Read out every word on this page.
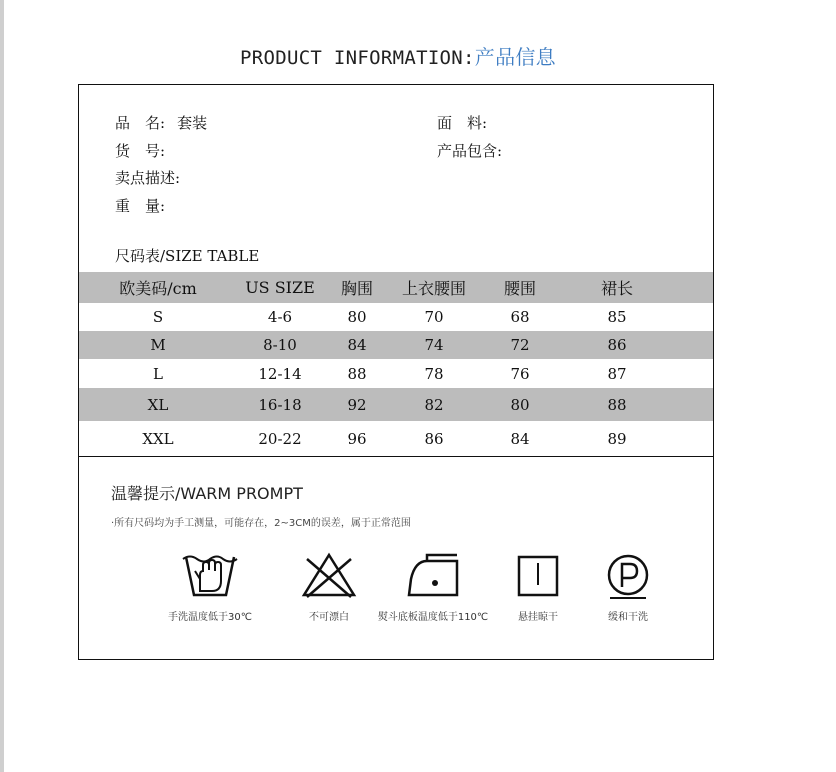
PRODUCT INFORMATION:产品信息
品　名: 套装	面　料:
货　号:	产品包含:
卖点描述:
重　量:
尺码表/SIZE TABLE
欧美码/cm	US SIZE	胸围	上衣腰围	腰围	裙长	
S	4-6	80	70	68	85	
M	8-10	84	74	72	86	
L	12-14	88	78	76	87	
XL	16-18	92	82	80	88	
XXL	20-22	96	86	84	89	
温馨提示/WARM PROMPT
·所有尺码均为手工测量，可能存在，2~3CM的误差，属于正常范围
手洗温度低于30℃	不可漂白	熨斗底板温度低于110℃	悬挂晾干	缓和干洗
